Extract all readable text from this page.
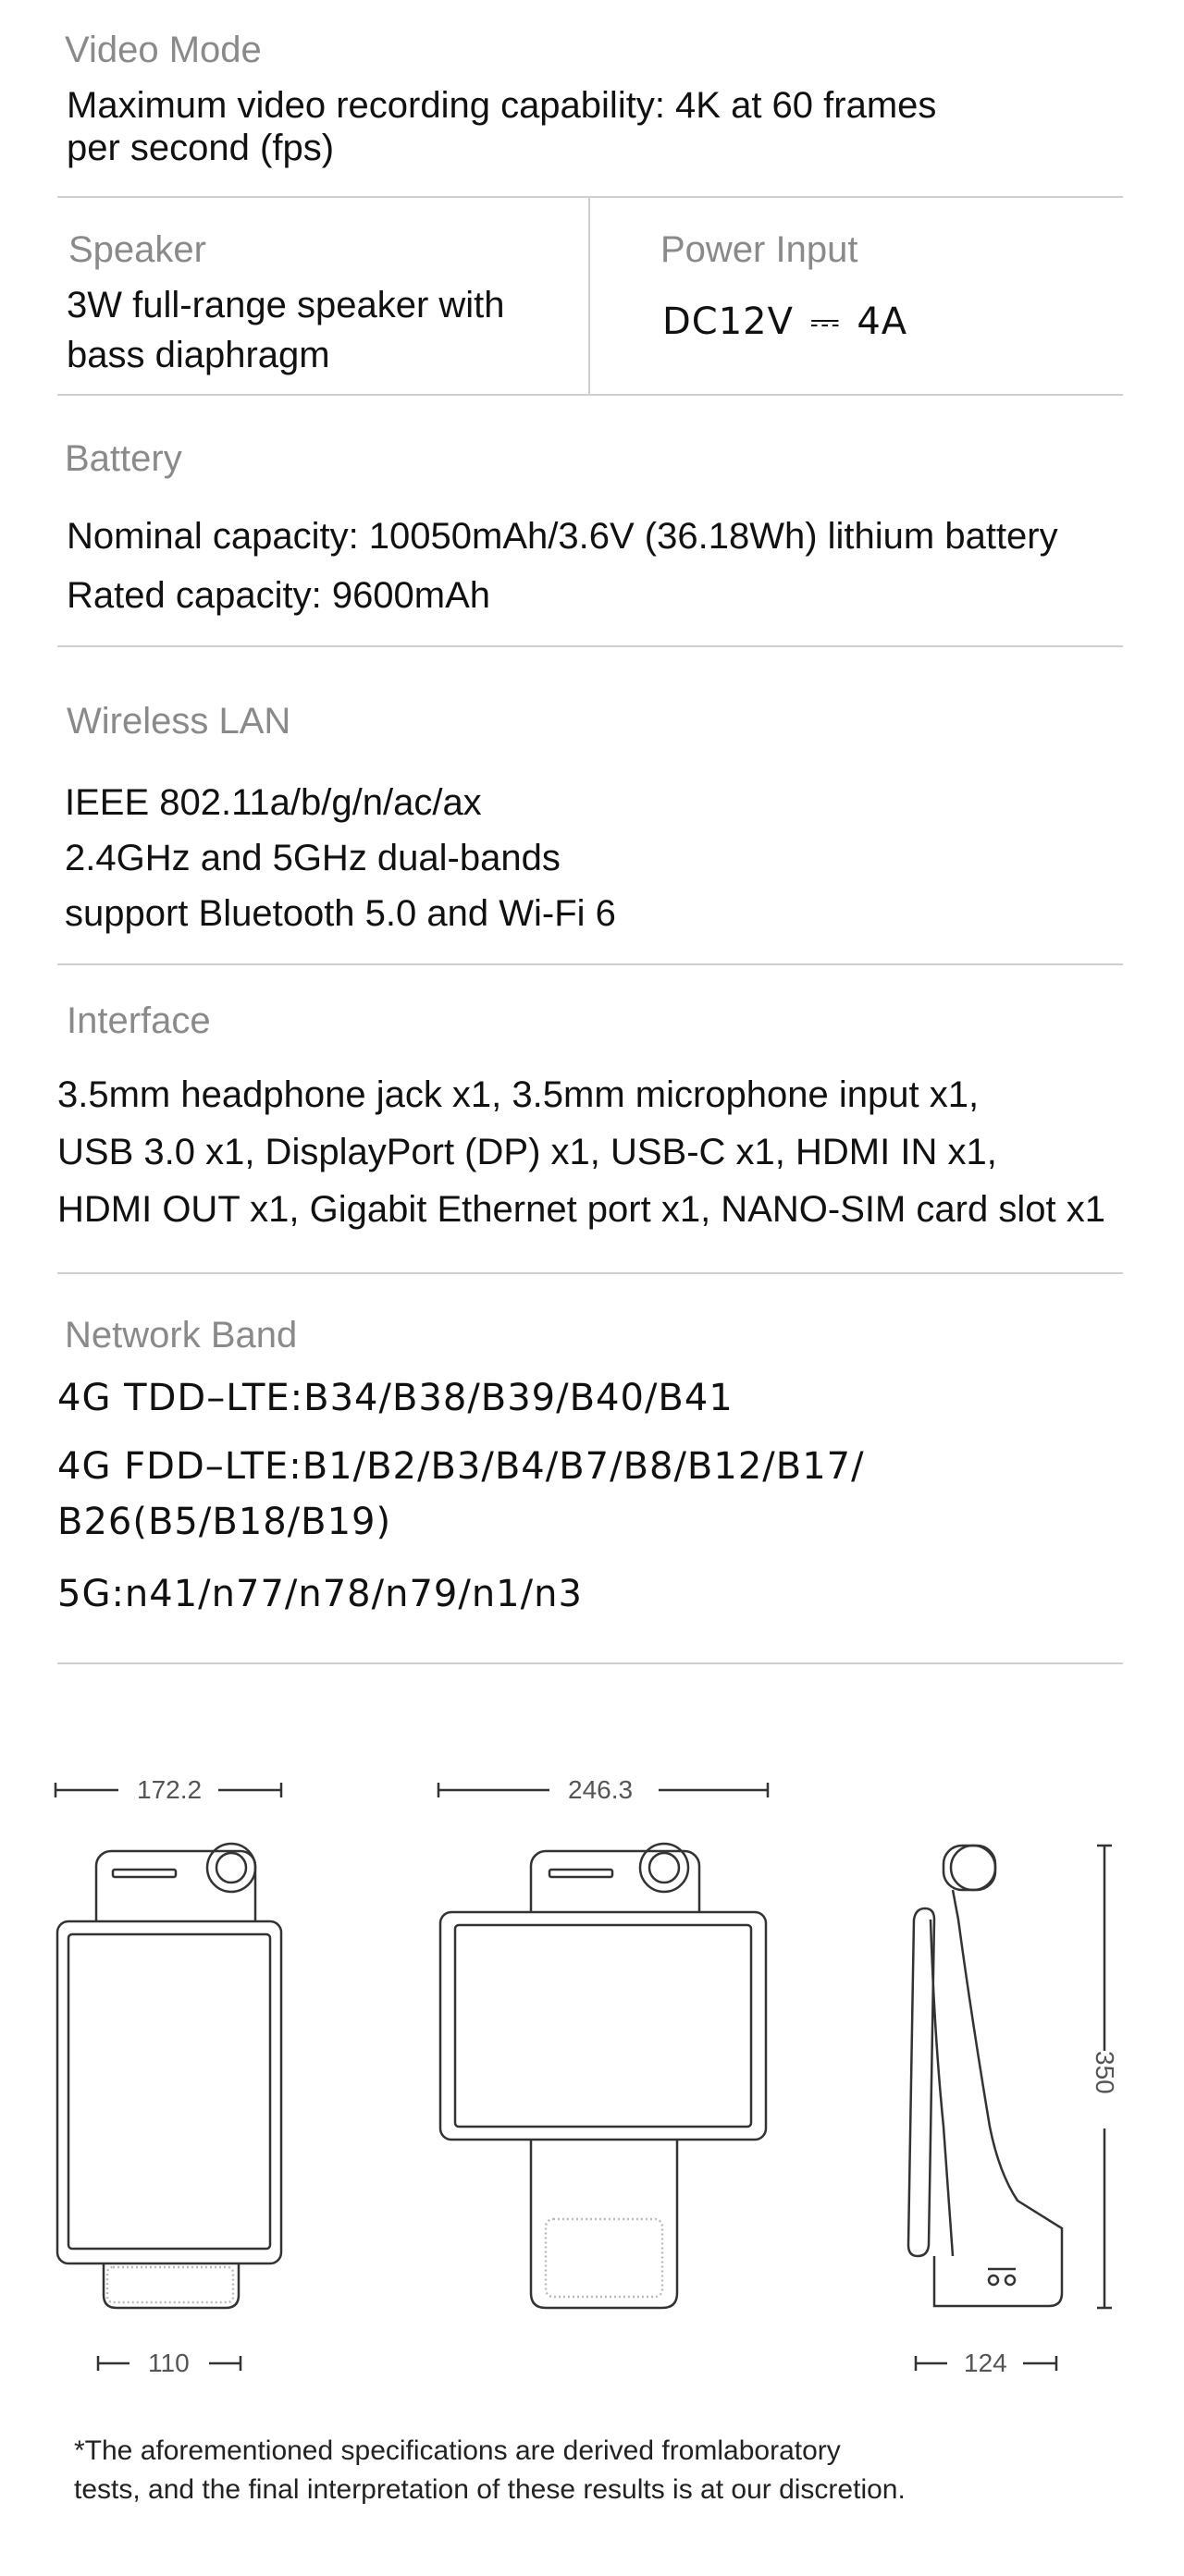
Video Mode
Maximum video recording capability: 4K at 60 frames
per second (fps)
Speaker
3W full-range speaker with
bass diaphragm
Power Input
DC12V ⎓ 4A
Battery
Nominal capacity: 10050mAh/3.6V (36.18Wh) lithium battery
Rated capacity: 9600mAh
Wireless LAN
IEEE 802.11a/b/g/n/ac/ax
2.4GHz and 5GHz dual-bands
support Bluetooth 5.0 and Wi-Fi 6
Interface
3.5mm headphone jack x1, 3.5mm microphone input x1,
USB 3.0 x1, DisplayPort (DP) x1, USB-C x1, HDMI IN x1,
HDMI OUT x1, Gigabit Ethernet port x1, NANO-SIM card slot x1
Network Band
4G TDD–LTE:B34/B38/B39/B40/B41
4G FDD–LTE:B1/B2/B3/B4/B7/B8/B12/B17/
B26(B5/B18/B19)
5G:n41/n77/n78/n79/n1/n3
172.2	246.3
110	124
350
*The aforementioned specifications are derived fromlaboratory
tests, and the final interpretation of these results is at our discretion.
